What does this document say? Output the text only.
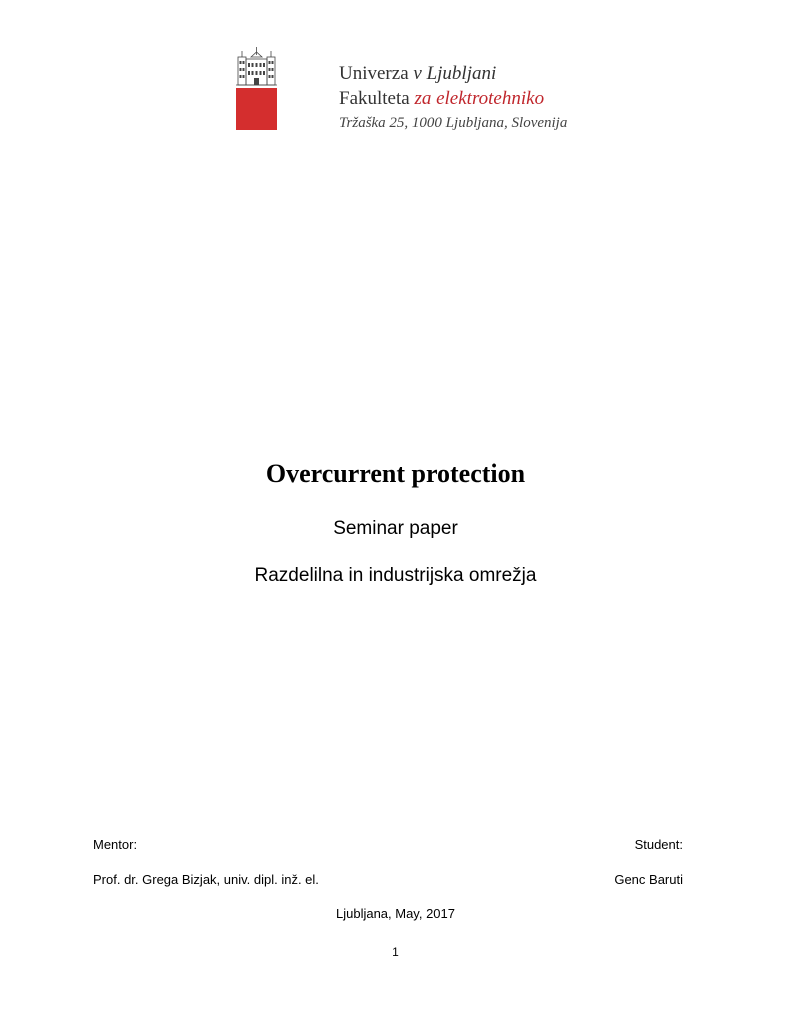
Univerza v Ljubljani
Fakulteta za elektrotehniko
Tržaška 25, 1000 Ljubljana, Slovenija
Overcurrent protection
Seminar paper
Razdelilna in industrijska omrežja
Mentor:	Student:
Prof. dr. Grega Bizjak, univ. dipl. inž. el.	Genc Baruti
Ljubljana, May, 2017
1
